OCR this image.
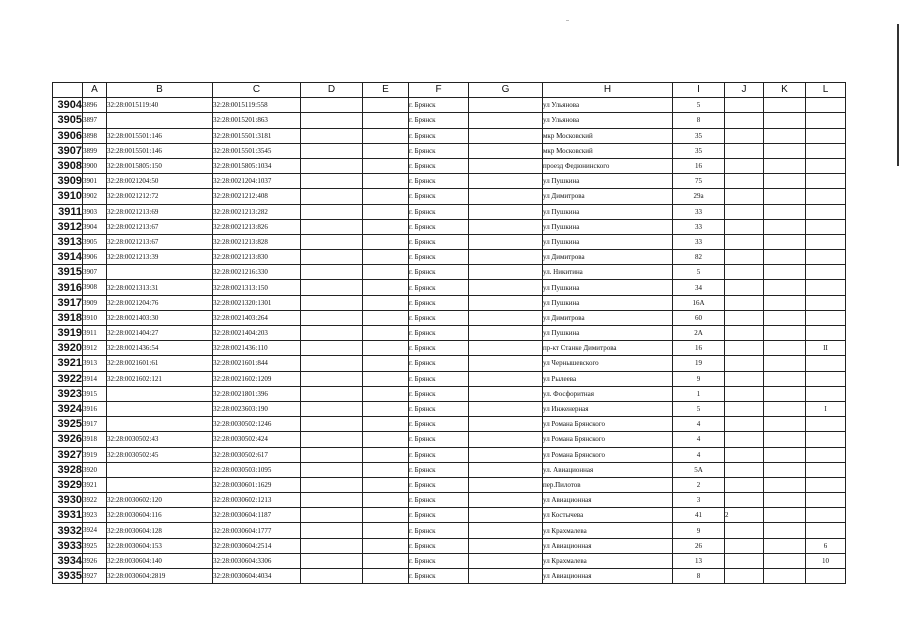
	A	B	C	D	E	F	G	H	I	J	K	L
3904	3896	32:28:0015119:40	32:28:0015119:558			г. Брянск		ул Ульянова	5			
3905	3897		32:28:0015201:863			г. Брянск		ул Ульянова	8			
3906	3898	32:28:0015501:146	32:28:0015501:3181			г. Брянск		мкр Московский	35			
3907	3899	32:28:0015501:146	32:28:0015501:3545			г. Брянск		мкр Московский	35			
3908	3900	32:28:0015805:150	32:28:0015805:1034			г. Брянск		проезд Федюнинского	16			
3909	3901	32:28:0021204:50	32:28:0021204:1037			г. Брянск		ул Пушкина	75			
3910	3902	32:28:0021212:72	32:28:0021212:408			г. Брянск		ул Димитрова	29а			
3911	3903	32:28:0021213:69	32:28:0021213:282			г. Брянск		ул Пушкина	33			
3912	3904	32:28:0021213:67	32:28:0021213:826			г. Брянск		ул Пушкина	33			
3913	3905	32:28:0021213:67	32:28:0021213:828			г. Брянск		ул Пушкина	33			
3914	3906	32:28:0021213:39	32:28:0021213:830			г. Брянск		ул Димитрова	82			
3915	3907		32:28:0021216:330			г. Брянск		ул. Никитина	5			
3916	3908	32:28:0021313:31	32:28:0021313:150			г. Брянск		ул Пушкина	34			
3917	3909	32:28:0021204:76	32:28:0021320:1301			г. Брянск		ул Пушкина	16А			
3918	3910	32:28:0021403:30	32:28:0021403:264			г. Брянск		ул Димитрова	60			
3919	3911	32:28:0021404:27	32:28:0021404:203			г. Брянск		ул Пушкина	2А			
3920	3912	32:28:0021436:54	32:28:0021436:110			г. Брянск		пр-кт Станке Димитрова	16			II
3921	3913	32:28:0021601:61	32:28:0021601:844			г. Брянск		ул Чернышевского	19			
3922	3914	32:28:0021602:121	32:28:0021602:1209			г. Брянск		ул Рылеева	9			
3923	3915		32:28:0021801:396			г. Брянск		ул. Фосфоритная	1			
3924	3916		32:28:0023603:190			г. Брянск		ул Инженерная	5			I
3925	3917		32:28:0030502:1246			г. Брянск		ул Романа Брянского	4			
3926	3918	32:28:0030502:43	32:28:0030502:424			г. Брянск		ул Романа Брянского	4			
3927	3919	32:28:0030502:45	32:28:0030502:617			г. Брянск		ул Романа Брянского	4			
3928	3920		32:28:0030503:1095			г. Брянск		ул. Авиационная	5А			
3929	3921		32:28:0030601:1629			г. Брянск		пер.Пилотов	2			
3930	3922	32:28:0030602:120	32:28:0030602:1213			г. Брянск		ул Авиационная	3			
3931	3923	32:28:0030604:116	32:28:0030604:1187			г. Брянск		ул Костычева	41	2		
3932	3924	32:28:0030604:128	32:28:0030604:1777			г. Брянск		ул Крахмалева	9			
3933	3925	32:28:0030604:153	32:28:0030604:2514			г. Брянск		ул Авиационная	26			6
3934	3926	32:28:0030604:140	32:28:0030604:3306			г. Брянск		ул Крахмалева	13			10
3935	3927	32:28:0030604:2819	32:28:0030604:4034			г. Брянск		ул Авиационная	8			
